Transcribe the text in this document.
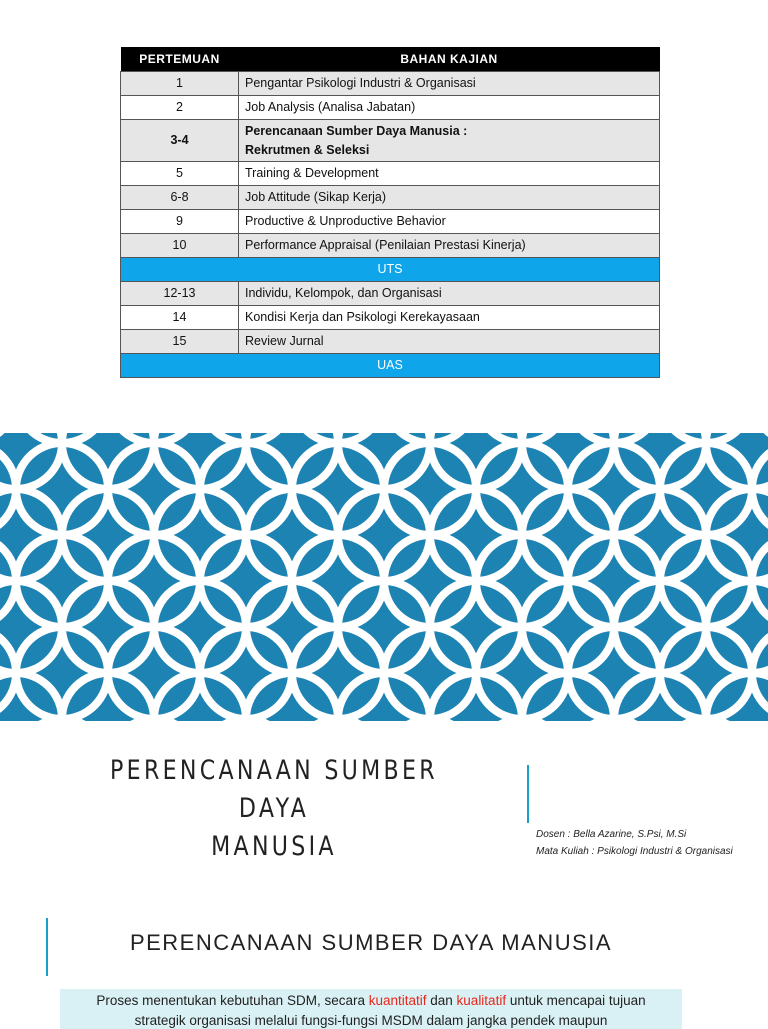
PERTEMUAN	BAHAN KAJIAN
1	Pengantar Psikologi Industri & Organisasi
2	Job Analysis (Analisa Jabatan)
3-4	Perencanaan Sumber Daya Manusia :
Rekrutmen & Seleksi

5	Training & Development
6-8	Job Attitude (Sikap Kerja)
9	Productive & Unproductive Behavior
10	Performance Appraisal (Penilaian Prestasi Kinerja)
UTS	
12-13	Individu, Kelompok, dan Organisasi
14	Kondisi Kerja dan Psikologi Kerekayasaan
15	Review Jurnal
UAS	
PERENCANAAN SUMBER DAYA
MANUSIA	Dosen : Bella Azarine, S.Psi, M.Si
Mata Kuliah : Psikologi Industri & Organisasi
PERENCANAAN SUMBER DAYA MANUSIA
Proses menentukan kebutuhan SDM, secara kuantitatif dan kualitatif untuk mencapai tujuan strategik organisasi melalui fungsi-fungsi MSDM dalam jangka pendek maupun
